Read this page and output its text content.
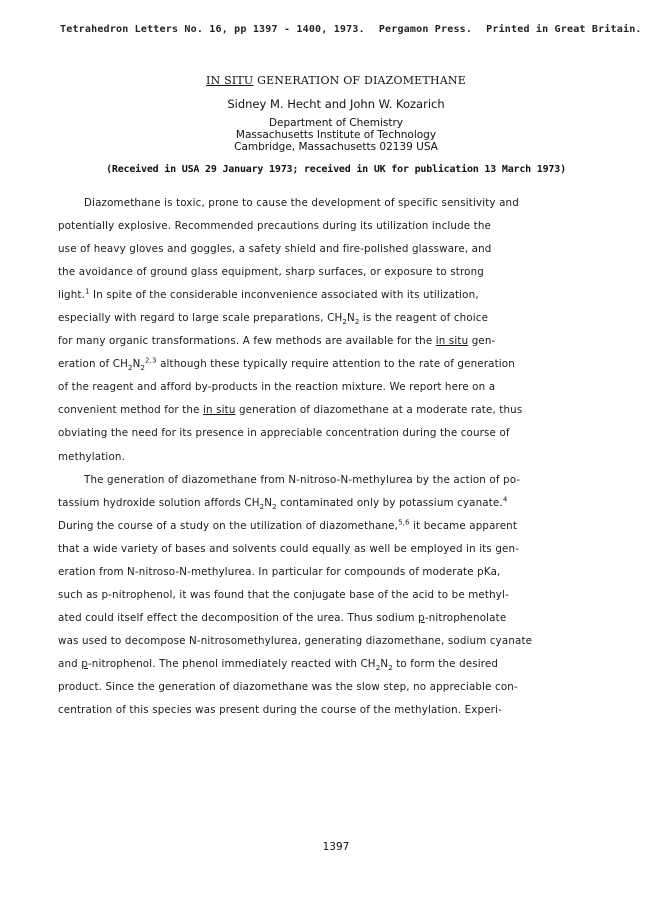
Tetrahedron Letters No. 16, pp 1397 - 1400, 1973. Pergamon Press. Printed in Great Britain.
IN SITU GENERATION OF DIAZOMETHANE
Sidney M. Hecht and John W. Kozarich
Department of Chemistry
Massachusetts Institute of Technology
Cambridge, Massachusetts 02139 USA
(Received in USA 29 January 1973; received in UK for publication 13 March 1973)
Diazomethane is toxic, prone to cause the development of specific sensitivity and
potentially explosive. Recommended precautions during its utilization include the
use of heavy gloves and goggles, a safety shield and fire-polished glassware, and
the avoidance of ground glass equipment, sharp surfaces, or exposure to strong
light.$^1$ In spite of the considerable inconvenience associated with its utilization,
especially with regard to large scale preparations, $CH_2N_2$ is the reagent of choice
for many organic transformations. A few methods are available for the in situ gen-
eration of $CH_2N_2^{2,3}$ although these typically require attention to the rate of generation
of the reagent and afford by-products in the reaction mixture. We report here on a
convenient method for the in situ generation of diazomethane at a moderate rate, thus
obviating the need for its presence in appreciable concentration during the course of
methylation.
The generation of diazomethane from N-nitroso-N-methylurea by the action of po-
tassium hydroxide solution affords $CH_2N_2$ contaminated only by potassium cyanate.$^4$
During the course of a study on the utilization of diazomethane,$^{5,6}$ it became apparent
that a wide variety of bases and solvents could equally as well be employed in its gen-
eration from N-nitroso-N-methylurea. In particular for compounds of moderate pKa,
such as p-nitrophenol, it was found that the conjugate base of the acid to be methyl-
ated could itself effect the decomposition of the urea. Thus sodium p-nitrophenolate
was used to decompose N-nitrosomethylurea, generating diazomethane, sodium cyanate
and p-nitrophenol. The phenol immediately reacted with $CH_2N_2$ to form the desired
product. Since the generation of diazomethane was the slow step, no appreciable con-
centration of this species was present during the course of the methylation. Experi-
1397
